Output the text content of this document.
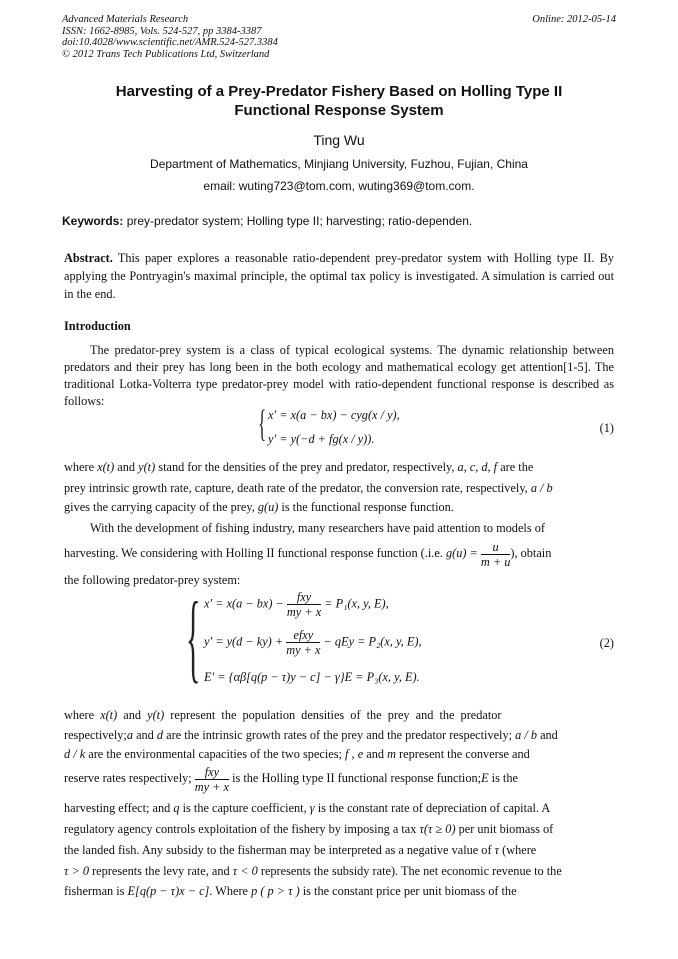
Advanced Materials Research
ISSN: 1662-8985, Vols. 524-527, pp 3384-3387
doi:10.4028/www.scientific.net/AMR.524-527.3384
© 2012 Trans Tech Publications Ltd, Switzerland
Online: 2012-05-14
Harvesting of a Prey-Predator Fishery Based on Holling Type II
Functional Response System
Ting Wu
Department of Mathematics, Minjiang University, Fuzhou, Fujian, China
email: wuting723@tom.com, wuting369@tom.com.
Keywords: prey-predator system; Holling type II; harvesting; ratio-dependen.
Abstract. This paper explores a reasonable ratio-dependent prey-predator system with Holling type II. By applying the Pontryagin's maximal principle, the optimal tax policy is investigated. A simulation is carried out in the end.
Introduction
The predator-prey system is a class of typical ecological systems. The dynamic relationship between predators and their prey has long been in the both ecology and mathematical ecology get attention[1-5]. The traditional Lotka-Volterra type predator-prey model with ratio-dependent functional response is described as follows:
{ x′ = x(a − bx) − cyg(x / y),
y′ = y(−d + fg(x / y)).
(1)
where x(t) and y(t) stand for the densities of the prey and predator, respectively, a, c, d, f are the
prey intrinsic growth rate, capture, death rate of the predator, the conversion rate, respectively, a / b
gives the carrying capacity of the prey, g(u) is the functional response function.
With the development of fishing industry, many researchers have paid attention to models of
harvesting. We considering with Holling II functional response function (.i.e. $g(u) = \frac{u}{m + u}$ ), obtain
the following predator-prey system:
{ $x' = x(a - bx) - \frac{\text{fxy}}{my + x} = P_1(x$, y, E),
$y' = y(d - ky) + \frac{\text{efxy}}{my + x}$ − qEy = P₂(x, y, E),
E′ = {αβ[q(p − τ)y − c] − γ}E = P₃(x, y, E).
(2)
where x(t) and y(t) represent the population densities of the prey and the predator
respectively;a and d are the intrinsic growth rates of the prey and the predator respectively; a / b and
d / k are the environmental capacities of the two species; f , e and m represent the converse and
reserve rates respectively; $\frac{\text{fxy}}{my + x}$ is the Holling type II functional response function;E is the
harvesting effect; and q is the capture coefficient, γ is the constant rate of depreciation of capital. A
regulatory agency controls exploitation of the fishery by imposing a tax τ(τ ≥ 0) per unit biomass of
the landed fish. Any subsidy to the fisherman may be interpreted as a negative value of τ (where
τ > 0 represents the levy rate, and τ < 0 represents the subsidy rate). The net economic revenue to the
fisherman is E[q(p − τ)x − c]. Where p ( p > τ ) is the constant price per unit biomass of the
